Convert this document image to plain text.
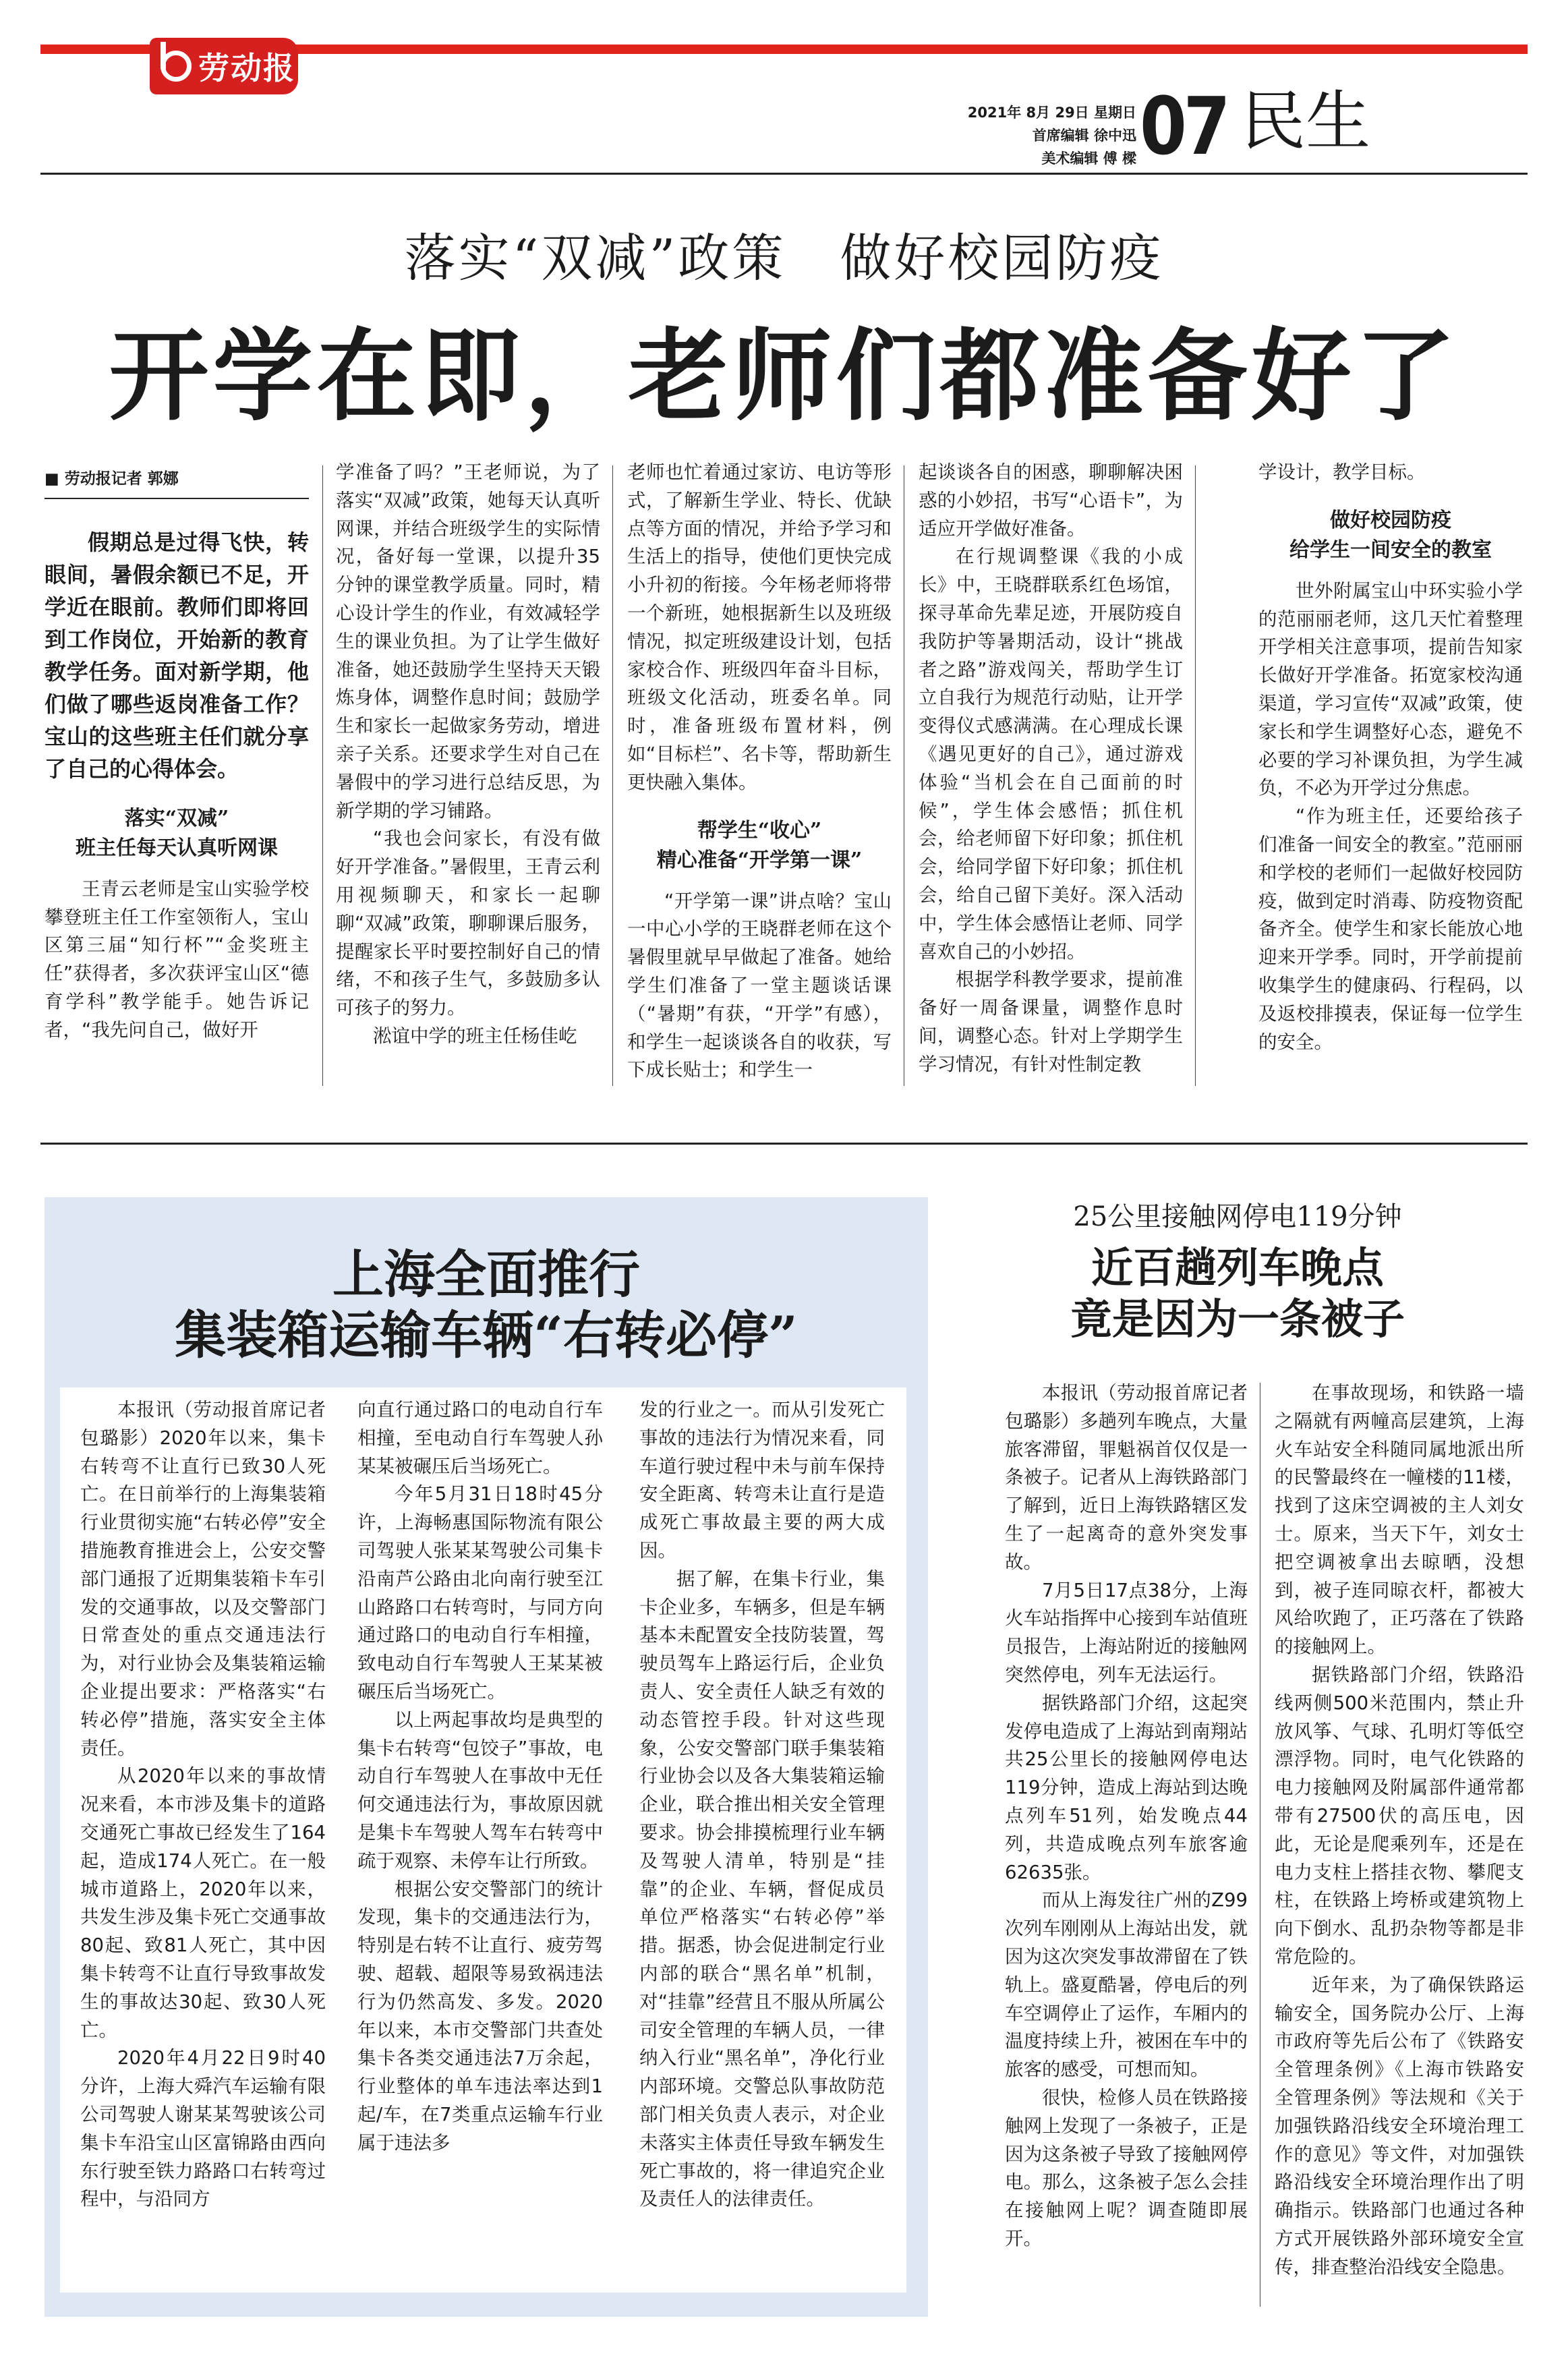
劳动报
2021年 8月 29日 星期日
首席编辑 徐中迅
美术编辑 傅 樑 07 民生
落实“双减”政策　做好校园防疫
开学在即，老师们都准备好了
■ 劳动报记者 郭娜

假期总是过得飞快，转眼间，暑假余额已不足，开学近在眼前。教师们即将回到工作岗位，开始新的教育教学任务。面对新学期，他们做了哪些返岗准备工作？宝山的这些班主任们就分享了自己的心得体会。

落实“双减”
班主任每天认真听网课

王青云老师是宝山实验学校攀登班主任工作室领衔人，宝山区第三届“知行杯”“金奖班主任”获得者，多次获评宝山区“德育学科”教学能手。她告诉记者，“我先问自己，做好开

学准备了吗？”王老师说，为了落实“双减”政策，她每天认真听网课，并结合班级学生的实际情况，备好每一堂课，以提升35分钟的课堂教学质量。同时，精心设计学生的作业，有效减轻学生的课业负担。为了让学生做好准备，她还鼓励学生坚持天天锻炼身体，调整作息时间；鼓励学生和家长一起做家务劳动，增进亲子关系。还要求学生对自己在暑假中的学习进行总结反思，为新学期的学习铺路。

“我也会问家长，有没有做好开学准备。”暑假里，王青云利用视频聊天，和家长一起聊聊“双减”政策，聊聊课后服务，提醒家长平时要控制好自己的情绪，不和孩子生气，多鼓励多认可孩子的努力。

淞谊中学的班主任杨佳屹

老师也忙着通过家访、电访等形式，了解新生学业、特长、优缺点等方面的情况，并给予学习和生活上的指导，使他们更快完成小升初的衔接。今年杨老师将带一个新班，她根据新生以及班级情况，拟定班级建设计划，包括家校合作、班级四年奋斗目标，班级文化活动，班委名单。同时，准备班级布置材料，例如“目标栏”、名卡等，帮助新生更快融入集体。

帮学生“收心”
精心准备“开学第一课”

“开学第一课”讲点啥？宝山一中心小学的王晓群老师在这个暑假里就早早做起了准备。她给学生们准备了一堂主题谈话课（“暑期”有获，“开学”有感），和学生一起谈谈各自的收获，写下成长贴士；和学生一

起谈谈各自的困惑，聊聊解决困惑的小妙招，书写“心语卡”，为适应开学做好准备。

在行规调整课《我的小成长》中，王晓群联系红色场馆，探寻革命先辈足迹，开展防疫自我防护等暑期活动，设计“挑战者之路”游戏闯关，帮助学生订立自我行为规范行动贴，让开学变得仪式感满满。在心理成长课《遇见更好的自己》，通过游戏体验“当机会在自己面前的时候”，学生体会感悟；抓住机会，给老师留下好印象；抓住机会，给同学留下好印象；抓住机会，给自己留下美好。深入活动中，学生体会感悟让老师、同学喜欢自己的小妙招。

根据学科教学要求，提前准备好一周备课量，调整作息时间，调整心态。针对上学期学生学习情况，有针对性制定教

学设计，教学目标。

做好校园防疫
给学生一间安全的教室

世外附属宝山中环实验小学的范丽丽老师，这几天忙着整理开学相关注意事项，提前告知家长做好开学准备。拓宽家校沟通渠道，学习宣传“双减”政策，使家长和学生调整好心态，避免不必要的学习补课负担，为学生减负，不必为开学过分焦虑。

“作为班主任，还要给孩子们准备一间安全的教室。”范丽丽和学校的老师们一起做好校园防疫，做到定时消毒、防疫物资配备齐全。使学生和家长能放心地迎来开学季。同时，开学前提前收集学生的健康码、行程码，以及返校排摸表，保证每一位学生的安全。

上海全面推行
集装箱运输车辆“右转必停”

本报讯（劳动报首席记者 包璐影）2020年以来，集卡右转弯不让直行已致30人死亡。在日前举行的上海集装箱行业贯彻实施“右转必停”安全措施教育推进会上，公安交警部门通报了近期集装箱卡车引发的交通事故，以及交警部门日常查处的重点交通违法行为，对行业协会及集装箱运输企业提出要求：严格落实“右转必停”措施，落实安全主体责任。

从2020年以来的事故情况来看，本市涉及集卡的道路交通死亡事故已经发生了164起，造成174人死亡。在一般城市道路上，2020年以来，共发生涉及集卡死亡交通事故80起、致81人死亡，其中因集卡转弯不让直行导致事故发生的事故达30起、致30人死亡。

2020年4月22日9时40分许，上海大舜汽车运输有限公司驾驶人谢某某驾驶该公司集卡车沿宝山区富锦路由西向东行驶至铁力路路口右转弯过程中，与沿同方

向直行通过路口的电动自行车相撞，至电动自行车驾驶人孙某某被碾压后当场死亡。

今年5月31日18时45分许，上海畅惠国际物流有限公司驾驶人张某某驾驶公司集卡沿南芦公路由北向南行驶至江山路路口右转弯时，与同方向通过路口的电动自行车相撞，致电动自行车驾驶人王某某被碾压后当场死亡。

以上两起事故均是典型的集卡右转弯“包饺子”事故，电动自行车驾驶人在事故中无任何交通违法行为，事故原因就是集卡车驾驶人驾车右转弯中疏于观察、未停车让行所致。

根据公安交警部门的统计发现，集卡的交通违法行为，特别是右转不让直行、疲劳驾驶、超载、超限等易致祸违法行为仍然高发、多发。2020年以来，本市交警部门共查处集卡各类交通违法7万余起，行业整体的单车违法率达到1起/车，在7类重点运输车行业属于违法多

发的行业之一。而从引发死亡事故的违法行为情况来看，同车道行驶过程中未与前车保持安全距离、转弯未让直行是造成死亡事故最主要的两大成因。

据了解，在集卡行业，集卡企业多，车辆多，但是车辆基本未配置安全技防装置，驾驶员驾车上路运行后，企业负责人、安全责任人缺乏有效的动态管控手段。针对这些现象，公安交警部门联手集装箱行业协会以及各大集装箱运输企业，联合推出相关安全管理要求。协会排摸梳理行业车辆及驾驶人清单，特别是“挂靠”的企业、车辆，督促成员单位严格落实“右转必停”举措。据悉，协会促进制定行业内部的联合“黑名单”机制，对“挂靠”经营且不服从所属公司安全管理的车辆人员，一律纳入行业“黑名单”，净化行业内部环境。交警总队事故防范部门相关负责人表示，对企业未落实主体责任导致车辆发生死亡事故的，将一律追究企业及责任人的法律责任。

25公里接触网停电119分钟
近百趟列车晚点
竟是因为一条被子

本报讯（劳动报首席记者 包璐影）多趟列车晚点，大量旅客滞留，罪魁祸首仅仅是一条被子。记者从上海铁路部门了解到，近日上海铁路辖区发生了一起离奇的意外突发事故。

7月5日17点38分，上海火车站指挥中心接到车站值班员报告，上海站附近的接触网突然停电，列车无法运行。

据铁路部门介绍，这起突发停电造成了上海站到南翔站共25公里长的接触网停电达119分钟，造成上海站到达晚点列车51列，始发晚点44列，共造成晚点列车旅客逾62635张。

而从上海发往广州的Z99次列车刚刚从上海站出发，就因为这次突发事故滞留在了铁轨上。盛夏酷暑，停电后的列车空调停止了运作，车厢内的温度持续上升，被困在车中的旅客的感受，可想而知。

很快，检修人员在铁路接触网上发现了一条被子，正是因为这条被子导致了接触网停电。那么，这条被子怎么会挂在接触网上呢？调查随即展开。

在事故现场，和铁路一墙之隔就有两幢高层建筑，上海火车站安全科随同属地派出所的民警最终在一幢楼的11楼，找到了这床空调被的主人刘女士。原来，当天下午，刘女士把空调被拿出去晾晒，没想到，被子连同晾衣杆，都被大风给吹跑了，正巧落在了铁路的接触网上。

据铁路部门介绍，铁路沿线两侧500米范围内，禁止升放风筝、气球、孔明灯等低空漂浮物。同时，电气化铁路的电力接触网及附属部件通常都带有27500伏的高压电，因此，无论是爬乘列车，还是在电力支柱上搭挂衣物、攀爬支柱，在铁路上垮桥或建筑物上向下倒水、乱扔杂物等都是非常危险的。

近年来，为了确保铁路运输安全，国务院办公厅、上海市政府等先后公布了《铁路安全管理条例》《上海市铁路安全管理条例》等法规和《关于加强铁路沿线安全环境治理工作的意见》等文件，对加强铁路沿线安全环境治理作出了明确指示。铁路部门也通过各种方式开展铁路外部环境安全宣传，排查整治沿线安全隐患。
